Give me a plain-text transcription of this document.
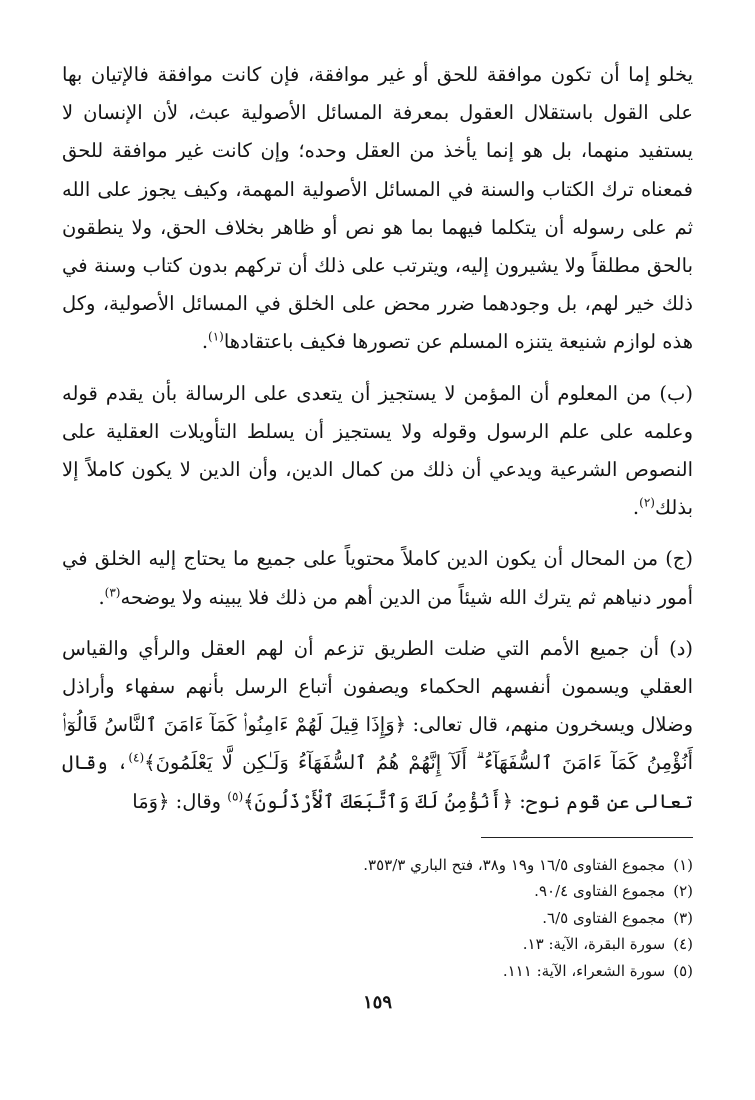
يخلو إما أن تكون موافقة للحق أو غير موافقة، فإن كانت موافقة فالإتيان بها على القول باستقلال العقول بمعرفة المسائل الأصولية عبث، لأن الإنسان لا يستفيد منهما، بل هو إنما يأخذ من العقل وحده؛ وإن كانت غير موافقة للحق فمعناه ترك الكتاب والسنة في المسائل الأصولية المهمة، وكيف يجوز على الله ثم على رسوله أن يتكلما فيهما بما هو نص أو ظاهر بخلاف الحق، ولا ينطقون بالحق مطلقاً ولا يشيرون إليه، ويترتب على ذلك أن تركهم بدون كتاب وسنة في ذلك خير لهم، بل وجودهما ضرر محض على الخلق في المسائل الأصولية، وكل هذه لوازم شنيعة يتنزه المسلم عن تصورها فكيف باعتقادها$^{(١)}$.

(ب) من المعلوم أن المؤمن لا يستجيز أن يتعدى على الرسالة بأن يقدم قوله وعلمه على علم الرسول وقوله ولا يستجيز أن يسلط التأويلات العقلية على النصوص الشرعية ويدعي أن ذلك من كمال الدين، وأن الدين لا يكون كاملاً إلا بذلك$^{(٢)}$.

(ج) من المحال أن يكون الدين كاملاً محتوياً على جميع ما يحتاج إليه الخلق في أمور دنياهم ثم يترك الله شيئاً من الدين أهم من ذلك فلا يبينه ولا يوضحه$^{(٣)}$.

(د) أن جميع الأمم التي ضلت الطريق تزعم أن لهم العقل والرأي والقياس العقلي ويسمون أنفسهم الحكماء ويصفون أتباع الرسل بأنهم سفهاء وأراذل وضلال ويسخرون منهم، قال تعالى: ﴿وَإِذَا قِيلَ لَهُمْ ءَامِنُوا۟ كَمَآ ءَامَنَ ٱلنَّاسُ قَالُوٓا۟ أَنُؤْمِنُ كَمَآ ءَامَنَ ٱلسُّفَهَآءُ ۗ أَلَآ إِنَّهُمْ هُمُ ٱلسُّفَهَآءُ وَلَـٰكِن لَّا يَعْلَمُونَ﴾$^{(٤)}$، وقال تعالى عن قوم نوح: ﴿أَنُؤْمِنُ لَكَ وَٱتَّبَعَكَ ٱلْأَرْذَلُونَ﴾$^{(٥)}$ وقال: ﴿وَمَا

(١)
مجموع الفتاوى ١٦/٥ و١٩ و٣٨، فتح الباري ٣٥٣/٣.
(٢)
مجموع الفتاوى ٩٠/٤.
(٣)
مجموع الفتاوى ٦/٥.
(٤)
سورة البقرة، الآية: ١٣.
(٥)
سورة الشعراء، الآية: ١١١.
١٥٩
